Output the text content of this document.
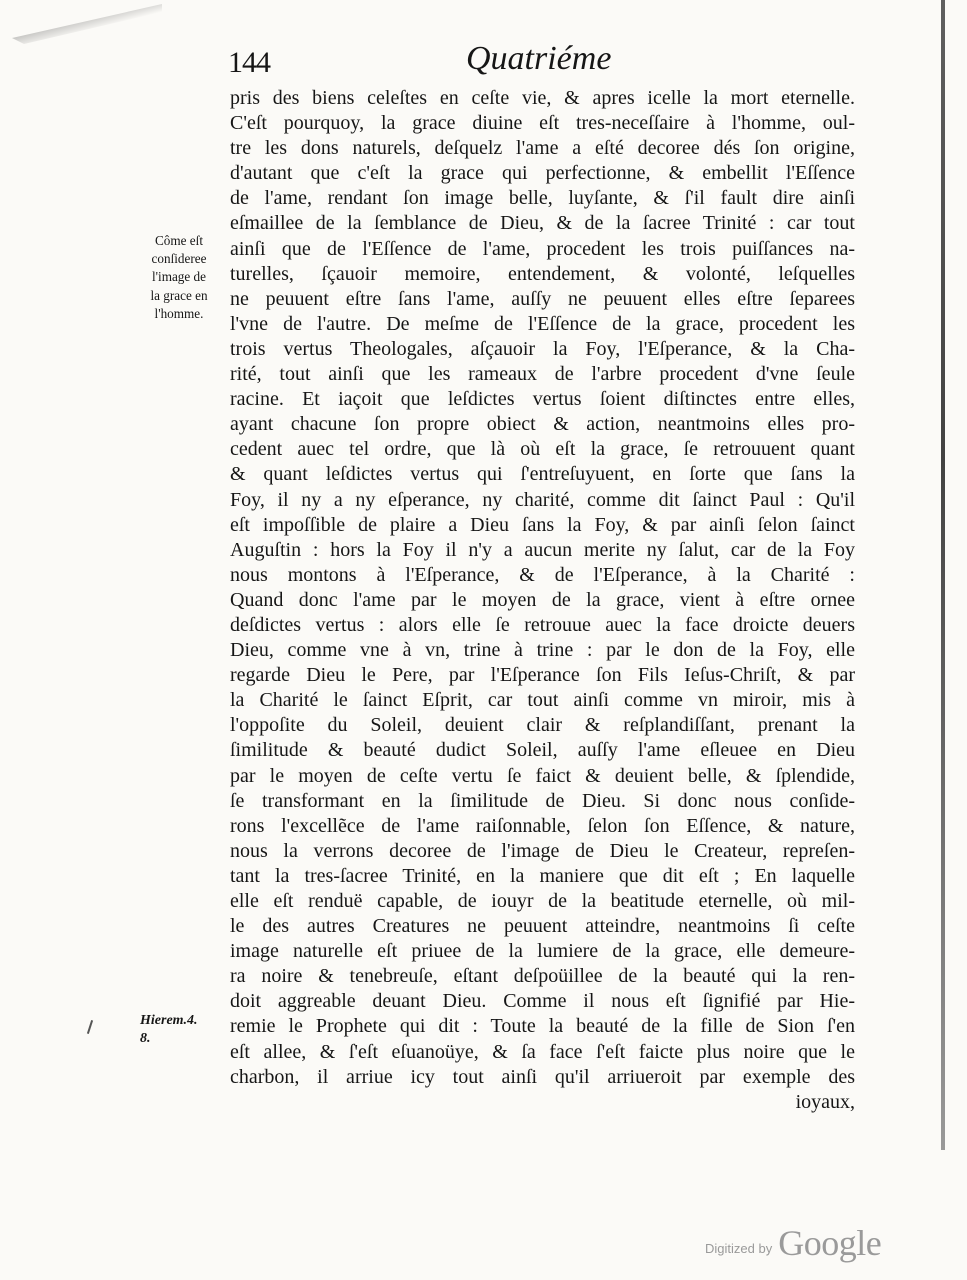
144	Quatriéme
Côme eſt
conſideree
l'image de
la grace en
l'homme.
Hierem.4.
8.
pris des biens celeſtes en ceſte vie, & apres icelle la mort eternelle.
C'eſt pourquoy, la grace diuine eſt tres-neceſſaire à l'homme, oul-
tre les dons naturels, deſquelz l'ame a eſté decoree dés ſon origine,
d'autant que c'eſt la grace qui perfectionne, & embellit l'Eſſence
de l'ame, rendant ſon image belle, luyſante, & ſ'il fault dire ainſi
eſmaillee de la ſemblance de Dieu, & de la ſacree Trinité : car tout
ainſi que de l'Eſſence de l'ame, procedent les trois puiſſances na-
turelles, ſçauoir memoire, entendement, & volonté, leſquelles
ne peuuent eſtre ſans l'ame, auſſy ne peuuent elles eſtre ſeparees
l'vne de l'autre. De meſme de l'Eſſence de la grace, procedent les
trois vertus Theologales, aſçauoir la Foy, l'Eſperance, & la Cha-
rité, tout ainſi que les rameaux de l'arbre procedent d'vne ſeule
racine. Et iaçoit que leſdictes vertus ſoient diſtinctes entre elles,
ayant chacune ſon propre obiect & action, neantmoins elles pro-
cedent auec tel ordre, que là où eſt la grace, ſe retrouuent quant
& quant leſdictes vertus qui ſ'entreſuyuent, en ſorte que ſans la
Foy, il ny a ny eſperance, ny charité, comme dit ſainct Paul : Qu'il
eſt impoſſible de plaire a Dieu ſans la Foy, & par ainſi ſelon ſainct
Auguſtin : hors la Foy il n'y a aucun merite ny ſalut, car de la Foy
nous montons à l'Eſperance, & de l'Eſperance, à la Charité :
Quand donc l'ame par le moyen de la grace, vient à eſtre ornee
deſdictes vertus : alors elle ſe retrouue auec la face droicte deuers
Dieu, comme vne à vn, trine à trine : par le don de la Foy, elle
regarde Dieu le Pere, par l'Eſperance ſon Fils Ieſus-Chriſt, & par
la Charité le ſainct Eſprit, car tout ainſi comme vn miroir, mis à
l'oppoſite du Soleil, deuient clair & reſplandiſſant, prenant la
ſimilitude & beauté dudict Soleil, auſſy l'ame eſleuee en Dieu
par le moyen de ceſte vertu ſe faict & deuient belle, & ſplendide,
ſe transformant en la ſimilitude de Dieu. Si donc nous conſide-
rons l'excellẽce de l'ame raiſonnable, ſelon ſon Eſſence, & nature,
nous la verrons decoree de l'image de Dieu le Createur, repreſen-
tant la tres-ſacree Trinité, en la maniere que dit eſt ; En laquelle
elle eſt renduë capable, de iouyr de la beatitude eternelle, où mil-
le des autres Creatures ne peuuent atteindre, neantmoins ſi ceſte
image naturelle eſt priuee de la lumiere de la grace, elle demeure-
ra noire & tenebreuſe, eſtant deſpoüillee de la beauté qui la ren-
doit aggreable deuant Dieu. Comme il nous eſt ſignifié par Hie-
remie le Prophete qui dit : Toute la beauté de la fille de Sion ſ'en
eſt allee, & ſ'eſt eſuanoüye, & ſa face ſ'eſt faicte plus noire que le
charbon, il arriue icy tout ainſi qu'il arriueroit par exemple des
ioyaux,
Digitized by Google
